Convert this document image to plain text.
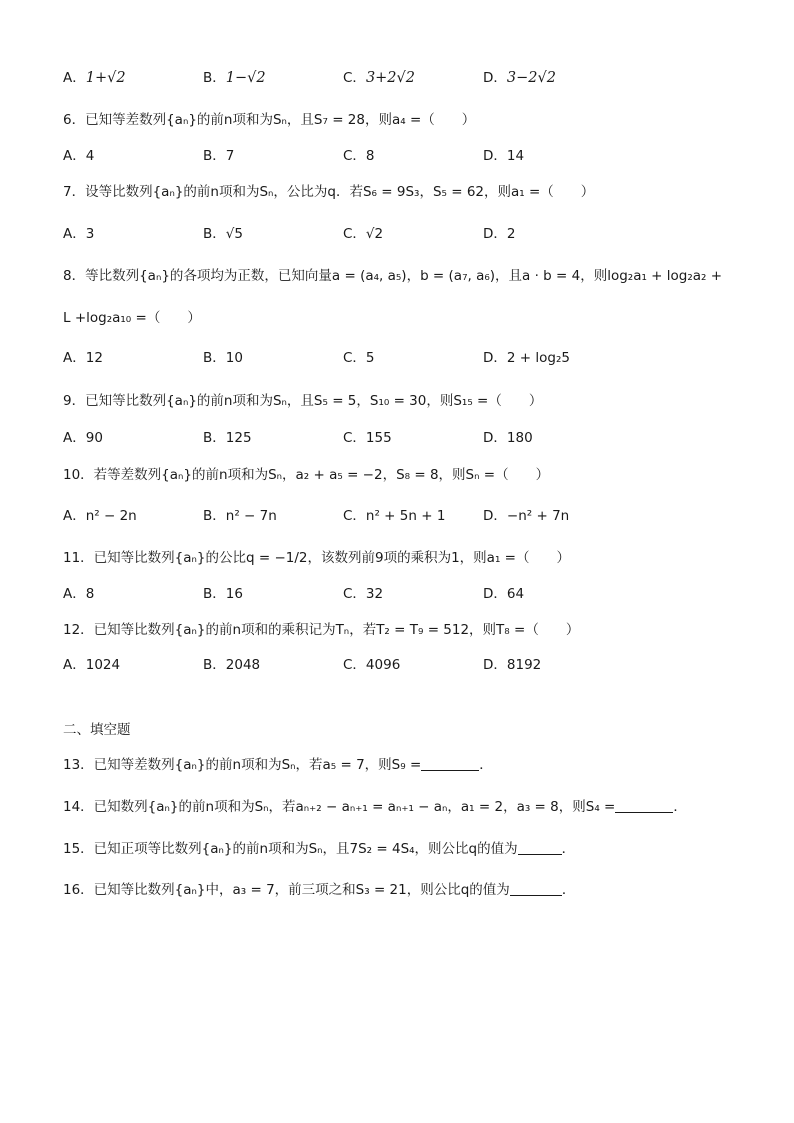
A．1+√2	B．1−√2	C．3+2√2	D．3−2√2
6．已知等差数列{aₙ}的前n项和为Sₙ，且S₇ = 28，则a₄ =（　　）
A．4	B．7	C．8	D．14
7．设等比数列{aₙ}的前n项和为Sₙ，公比为q．若S₆ = 9S₃，S₅ = 62，则a₁ =（　　）
A．3	B．√5	C．√2	D．2
8．等比数列{aₙ}的各项均为正数，已知向量a = (a₄, a₅)，b = (a₇, a₆)，且a · b = 4，则log₂a₁ + log₂a₂ +
L +log₂a₁₀ =（　　）
A．12	B．10	C．5	D．2 + log₂5
9．已知等比数列{aₙ}的前n项和为Sₙ，且S₅ = 5，S₁₀ = 30，则S₁₅ =（　　）
A．90	B．125	C．155	D．180
10．若等差数列{aₙ}的前n项和为Sₙ，a₂ + a₅ = −2，S₈ = 8，则Sₙ =（　　）
A．n² − 2n	B．n² − 7n	C．n² + 5n + 1	D．−n² + 7n
11．已知等比数列{aₙ}的公比q = −1/2，该数列前9项的乘积为1，则a₁ =（　　）
A．8	B．16	C．32	D．64
12．已知等比数列{aₙ}的前n项和的乘积记为Tₙ，若T₂ = T₉ = 512，则T₈ =（　　）
A．1024	B．2048	C．4096	D．8192
二、填空题
13．已知等差数列{aₙ}的前n项和为Sₙ，若a₅ = 7，则S₉ =	．
14．已知数列{aₙ}的前n项和为Sₙ，若aₙ₊₂ − aₙ₊₁ = aₙ₊₁ − aₙ，a₁ = 2，a₃ = 8，则S₄ =	．
15．已知正项等比数列{aₙ}的前n项和为Sₙ，且7S₂ = 4S₄，则公比q的值为	．
16．已知等比数列{aₙ}中，a₃ = 7，前三项之和S₃ = 21，则公比q的值为	．
